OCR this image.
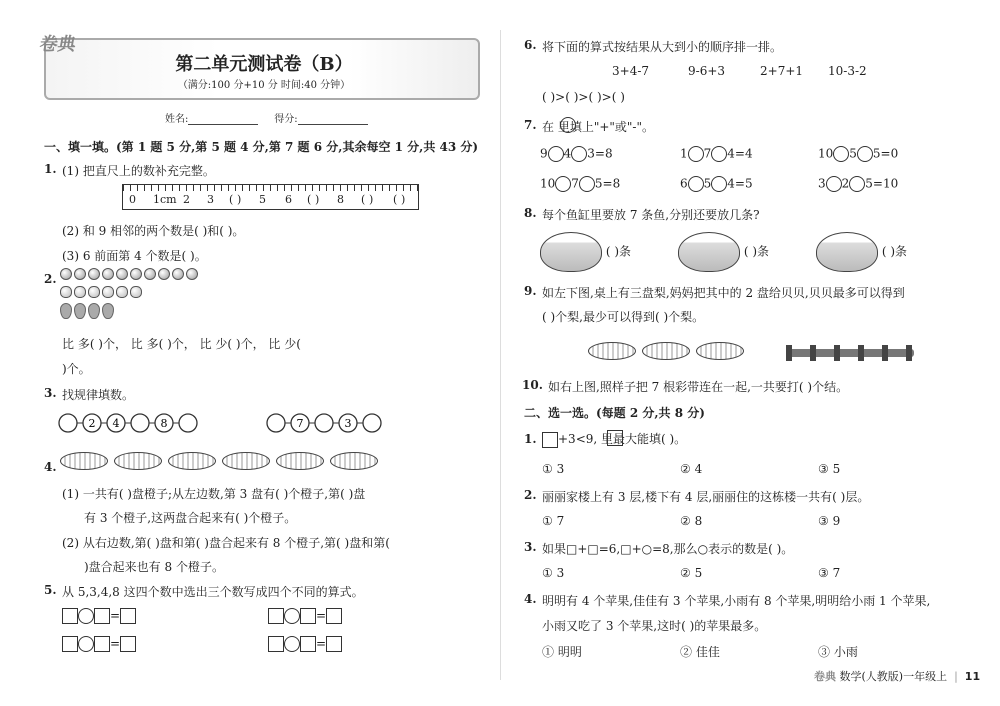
第二单元测试卷（B）
（满分:100 分+10 分 时间:40 分钟）
卷典
姓名:	得分:
一、填一填。(第 1 题 5 分,第 5 题 4 分,第 7 题 6 分,其余每空 1 分,共 43 分)
1. (1) 把直尺上的数补充完整。
0 1cm 2 3 ( ) 5 6 ( ) 8 ( ) ( )
(2) 和 9 相邻的两个数是( )和( )。
(3) 6 前面第 4 个数是( )。
2.
比 多( )个， 比 多( )个， 比 少( )个， 比 少(
)个。
3. 找规律填数。
2 4	8	7	3
4.
(1) 一共有( )盘橙子;从左边数,第 3 盘有( )个橙子,第( )盘
有 3 个橙子,这两盘合起来有( )个橙子。
(2) 从右边数,第( )盘和第( )盘合起来有 8 个橙子,第( )盘和第(
)盘合起来也有 8 个橙子。
5. 从 5,3,4,8 这四个数中选出三个数写成四个不同的算式。
=	=
=	=
6. 将下面的算式按结果从大到小的顺序排一排。
3+4-7	9-6+3	2+7+1 10-3-2
( )>( )>( )>( )
7. 在 里填上"+"或"-"。
9 4 3=8	1 7 4=4	10 5 5=0
10 7 5=8	6 5 4=5	3 2 5=10
8. 每个鱼缸里要放 7 条鱼,分别还要放几条?
( )条	( )条	( )条
9. 如左下图,桌上有三盘梨,妈妈把其中的 2 盘给贝贝,贝贝最多可以得到
( )个梨,最少可以得到( )个梨。
10. 如右上图,照样子把 7 根彩带连在一起,一共要打( )个结。
二、选一选。(每题 2 分,共 8 分)
1.	+3<9, 里最大能填( )。
① 3	② 4	③ 5
2. 丽丽家楼上有 3 层,楼下有 4 层,丽丽住的这栋楼一共有( )层。
① 7	② 8	③ 9
3. 如果□+□=6,□+○=8,那么○表示的数是( )。
① 3	② 5	③ 7
4. 明明有 4 个苹果,佳佳有 3 个苹果,小雨有 8 个苹果,明明给小雨 1 个苹果,
小雨又吃了 3 个苹果,这时( )的苹果最多。
① 明明	② 佳佳	③ 小雨
卷典 数学(人教版)一年级上  |  11
